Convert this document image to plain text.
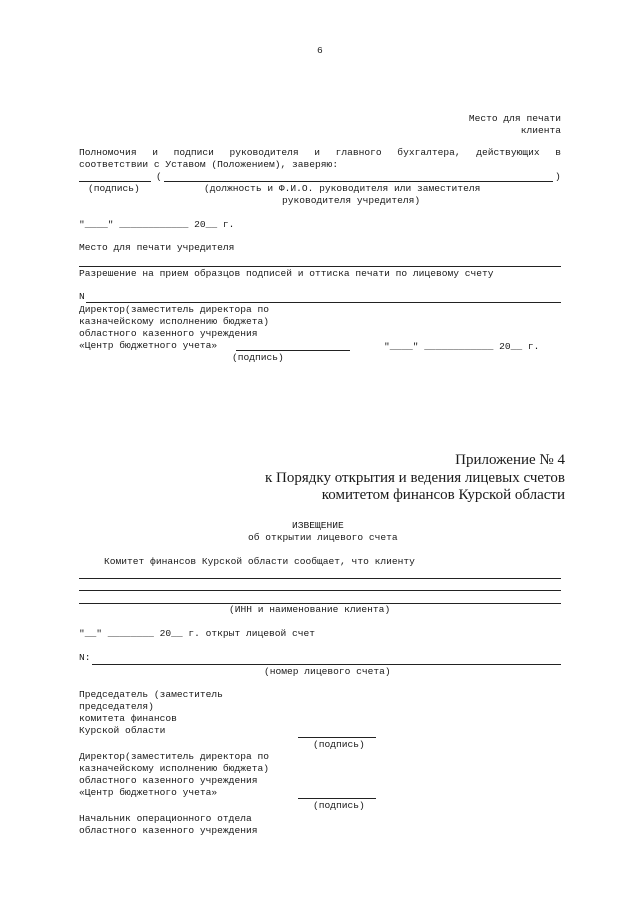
6
Место для печати
клиента
Полномочия и подписи руководителя и главного бухгалтера, действующих в
соответствии с Уставом (Положением), заверяю:
(	)
(подпись)	(должность и Ф.И.О. руководителя или заместителя
руководителя учредителя)
"____" ____________ 20__ г.
Место для печати учредителя
Разрешение на прием образцов подписей и оттиска печати по лицевому счету
N
Директор(заместитель директора по
казначейскому исполнению бюджета)
областного казенного учреждения
«Центр бюджетного учета»
(подпись)
"____" ____________ 20__ г.
Приложение № 4
к Порядку открытия и ведения лицевых счетов
комитетом финансов Курской области
ИЗВЕЩЕНИЕ
об открытии лицевого счета
Комитет финансов Курской области сообщает, что клиенту
(ИНН и наименование клиента)
"__" ________ 20__ г. открыт лицевой счет
N:
(номер лицевого счета)
Председатель (заместитель
председателя)
комитета финансов
Курской области
(подпись)
Директор(заместитель директора по
казначейскому исполнению бюджета)
областного казенного учреждения
«Центр бюджетного учета»
(подпись)
Начальник операционного отдела
областного казенного учреждения
